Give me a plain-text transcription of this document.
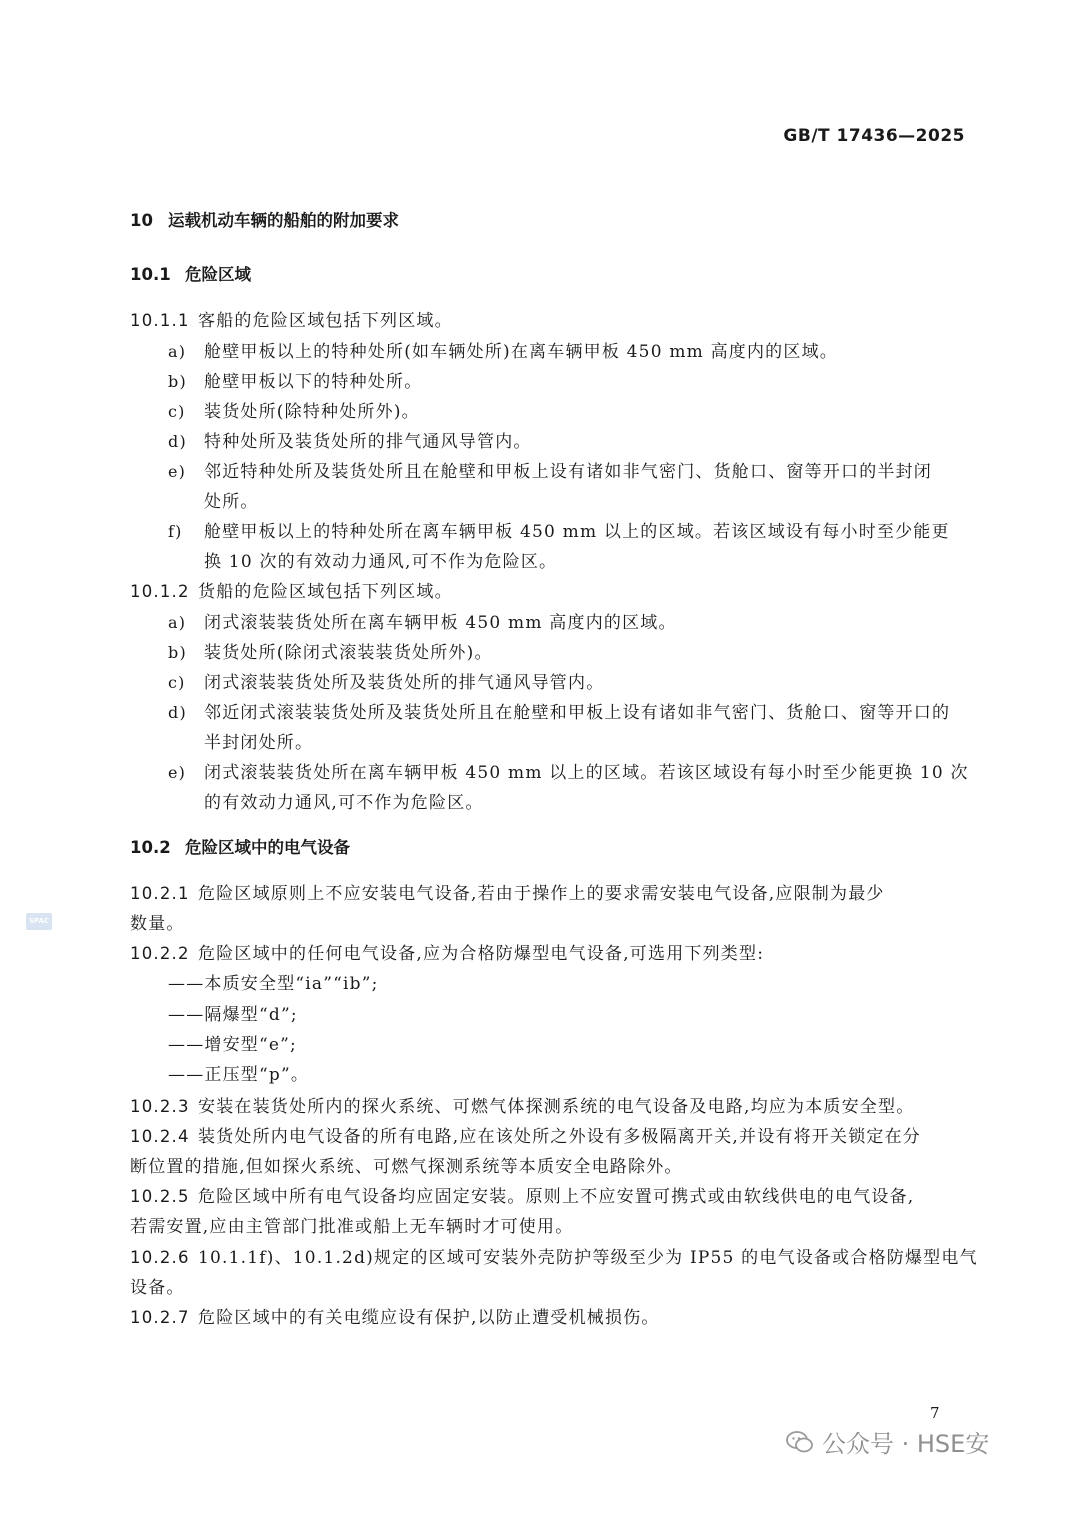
GB/T 17436—2025
10 运载机动车辆的船舶的附加要求
10.1 危险区域
10.1.1 客船的危险区域包括下列区域。
a) 舱壁甲板以上的特种处所(如车辆处所)在离车辆甲板 450 mm 高度内的区域。
b) 舱壁甲板以下的特种处所。
c) 装货处所(除特种处所外)。
d) 特种处所及装货处所的排气通风导管内。
e) 邻近特种处所及装货处所且在舱壁和甲板上设有诸如非气密门、货舱口、窗等开口的半封闭
处所。
f) 舱壁甲板以上的特种处所在离车辆甲板 450 mm 以上的区域。若该区域设有每小时至少能更
换 10 次的有效动力通风,可不作为危险区。
10.1.2 货船的危险区域包括下列区域。
a) 闭式滚装装货处所在离车辆甲板 450 mm 高度内的区域。
b) 装货处所(除闭式滚装装货处所外)。
c) 闭式滚装装货处所及装货处所的排气通风导管内。
d) 邻近闭式滚装装货处所及装货处所且在舱壁和甲板上设有诸如非气密门、货舱口、窗等开口的
半封闭处所。
e) 闭式滚装装货处所在离车辆甲板 450 mm 以上的区域。若该区域设有每小时至少能更换 10 次
的有效动力通风,可不作为危险区。
10.2 危险区域中的电气设备
10.2.1 危险区域原则上不应安装电气设备,若由于操作上的要求需安装电气设备,应限制为最少
数量。
10.2.2 危险区域中的任何电气设备,应为合格防爆型电气设备,可选用下列类型:
——本质安全型“ia”“ib”;
——隔爆型“d”;
——增安型“e”;
——正压型“p”。
10.2.3 安装在装货处所内的探火系统、可燃气体探测系统的电气设备及电路,均应为本质安全型。
10.2.4 装货处所内电气设备的所有电路,应在该处所之外设有多极隔离开关,并设有将开关锁定在分
断位置的措施,但如探火系统、可燃气探测系统等本质安全电路除外。
10.2.5 危险区域中所有电气设备均应固定安装。原则上不应安置可携式或由软线供电的电气设备,
若需安置,应由主管部门批准或船上无车辆时才可使用。
10.2.6 10.1.1f)、10.1.2d)规定的区域可安装外壳防护等级至少为 IP55 的电气设备或合格防爆型电气
设备。
10.2.7 危险区域中的有关电缆应设有保护,以防止遭受机械损伤。
7
SPAC
公众号 · HSE安
